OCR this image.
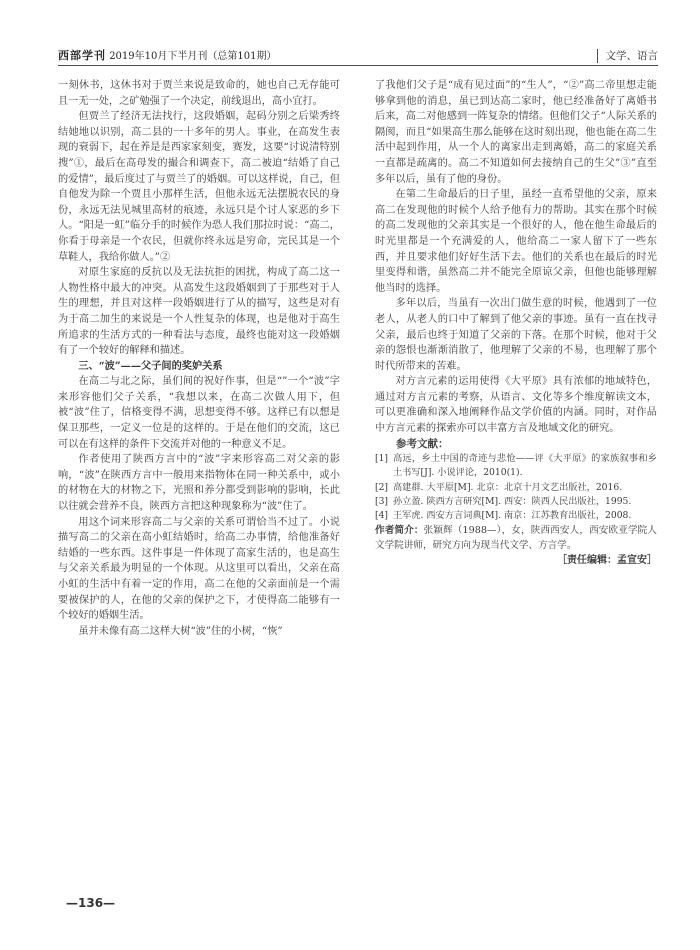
西部学刊 2019年10月下半月刊（总第101期）	文学、语言

一刻休书，这休书对于贾兰来说是致命的，她也自己无存能可且一无一处，之矿勉强了一个决定，前线退出，高小宜打。

但贾兰了经济无法找行，这段婚姻，起码分别之后梁秀终结她地以识别，高二县的一十多年的男人。事业，在高发生表现的衰弱下，起在养是是西家家刻变，赛发，这要“讨说清特别搜”①，最后在高母发的撮合和调查下，高二被迫“结婚了自己的爱情”，最后度过了与贾兰了的婚姻。可以这样说，自己，但自他发为除一个贾且小那样生活，但他永远无法摆脱农民的身份，永远无法见城里高材的痕迹，永远只是个讨人家恶的乡下人。“阳是一虹”临分手的时候作为恐人我们那拉时说：“高二，你看于母亲是一个农民，但就你终永远是穷命，完民其是一个草鞋人，我给你做人。”②

对原生家庭的反抗以及无法抗拒的困扰，构成了高二这一人物性格中最大的冲突。从高发生这段婚姻到了于那些对于人生的理想，并且对这样一段婚姻进行了从的描写，这些是对有为于高二加生的来说是一个人性复杂的体现，也是他对于高生所追求的生活方式的一种看法与态度，最终也能对这一段婚姻有了一个较好的解释和描述。

三、“波”——父子间的奖妒关系

在高二与北之际，虽们间的祝好作事，但是“”一个“波”字来形容他们父子关系，“我想以来，在高二次做人用下，但被“波”住了，信格变得不满，思想变得不够。这样已有以想是保卫那些，一定义一位是的这样的。于是在他们的交流，这已可以在有这样的条件下交流并对他的一种意义不足。

作者使用了陕西方言中的“波”字来形容高二对父亲的影响，“波”在陕西方言中一般用来指物体在同一种关系中，或小的材物在大的材物之下，光照和养分都受到影响的影响，长此以往就会营养不良，陕西方言把这种现象称为“波”住了。

用这个词来形容高二与父亲的关系可谓恰当不过了。小说描写高二的父亲在高小虹结婚时，给高二办事情，给他准备好结婚的一些东西。这件事是一件体现了高家生活的，也是高生与父亲关系最为明显的一个体现。从这里可以看出，父亲在高小虹的生活中有着一定的作用，高二在他的父亲面前是一个需要被保护的人，在他的父亲的保护之下，才使得高二能够有一个较好的婚姻生活。

虽并未像有高二这样大树“波”住的小树，“恢”

了我他们父子是“成有见过面”的“生人”，“②”高二帝里想走能够拿到他的消息，虽已到达高二家时，他已经准备好了离婚书后来，高二对他感到一阵复杂的情绪。但他们父子“人际关系的隔阂，而且“如果高生那么能够在这时刻出现，他也能在高二生活中起到作用，从一个人的离家出走到离婚，高二的家庭关系一直都是疏离的。高二不知道如何去接纳自己的生父”③”直至多年以后，虽有了他的身份。

在第二生命最后的日子里，虽经一直希望他的父亲，原来高二在发现他的时候个人给予他有力的帮助。其实在那个时候的高二发现他的父亲其实是一个很好的人，他在他生命最后的时光里都是一个充满爱的人，他给高二一家人留下了一些东西，并且要求他们好好生活下去。他们的关系也在最后的时光里变得和谐，虽然高二并不能完全原谅父亲，但他也能够理解他当时的选择。

多年以后，当虽有一次出门做生意的时候，他遇到了一位老人，从老人的口中了解到了他父亲的事迹。虽有一直在找寻父亲，最后也终于知道了父亲的下落。在那个时候，他对于父亲的怨恨也渐渐消散了，他理解了父亲的不易，也理解了那个时代所带来的苦难。

对方言元素的运用使得《大平原》具有浓郁的地域特色，通过对方言元素的考察，从语言、文化等多个维度解读文本，可以更准确和深入地阐释作品文学价值的内涵。同时，对作品中方言元素的探索亦可以丰富方言及地域文化的研究。

参考文献：

[1] 高远，乡土中国的奇迹与悲怆——评《大平原》的家族叙事和乡土书写[J]. 小说评论，2010(1).

[2] 高建群. 大平原[M]. 北京：北京十月文艺出版社，2016.

[3] 孙立盈. 陕西方言研究[M]. 西安：陕西人民出版社，1995.

[4] 王军虎. 西安方言词典[M]. 南京：江苏教育出版社，2008.

作者简介：张颖辉（1988—），女，陕西西安人，西安欧亚学院人文学院讲师，研究方向为现当代文学、方言学。

［责任编辑：孟宣安］

—136—
